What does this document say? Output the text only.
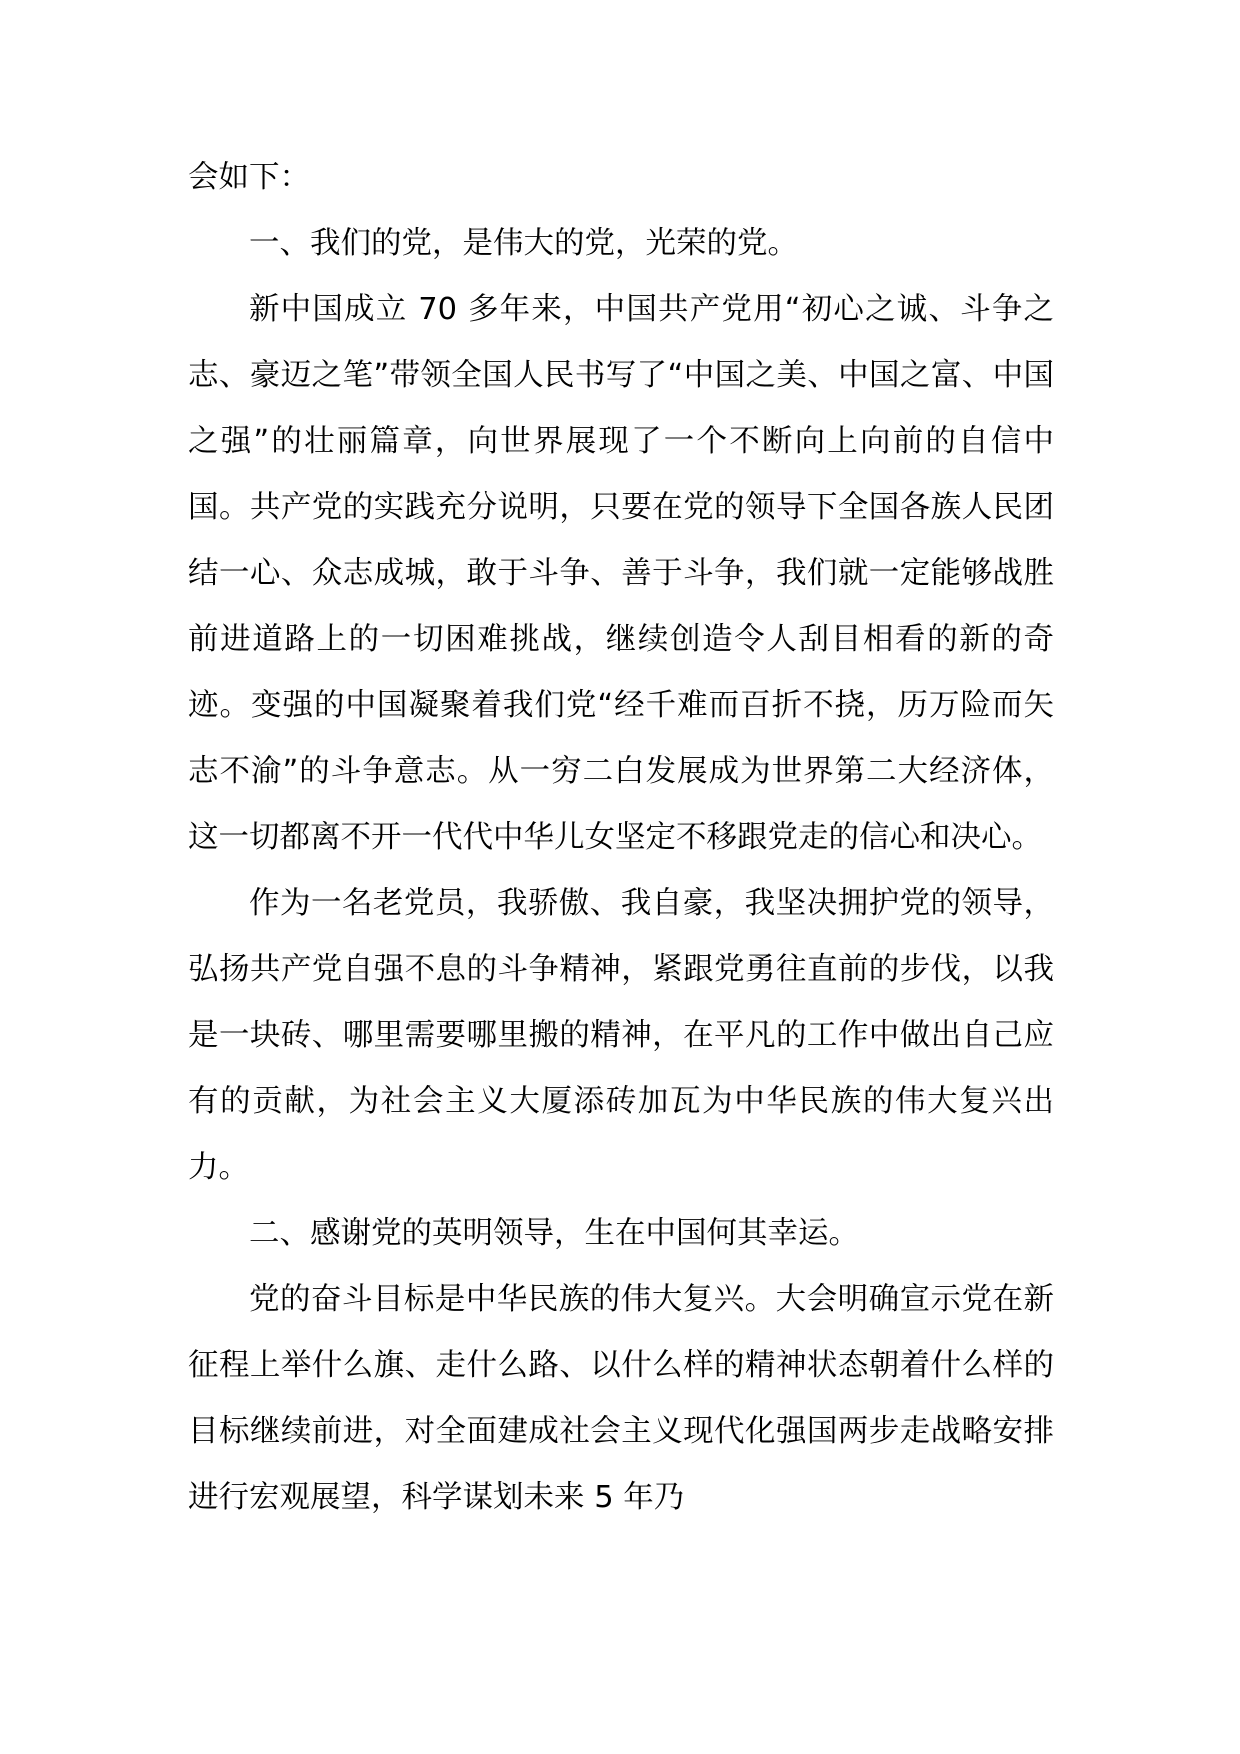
会如下：

一、我们的党，是伟大的党，光荣的党。

新中国成立 70 多年来，中国共产党用“初心之诚、斗争之志、豪迈之笔”带领全国人民书写了“中国之美、中国之富、中国之强”的壮丽篇章，向世界展现了一个不断向上向前的自信中国。共产党的实践充分说明，只要在党的领导下全国各族人民团结一心、众志成城，敢于斗争、善于斗争，我们就一定能够战胜前进道路上的一切困难挑战，继续创造令人刮目相看的新的奇迹。变强的中国凝聚着我们党“经千难而百折不挠，历万险而矢志不渝”的斗争意志。从一穷二白发展成为世界第二大经济体，这一切都离不开一代代中华儿女坚定不移跟党走的信心和决心。

作为一名老党员，我骄傲、我自豪，我坚决拥护党的领导，弘扬共产党自强不息的斗争精神，紧跟党勇往直前的步伐，以我是一块砖、哪里需要哪里搬的精神，在平凡的工作中做出自己应有的贡献，为社会主义大厦添砖加瓦为中华民族的伟大复兴出力。

二、感谢党的英明领导，生在中国何其幸运。

党的奋斗目标是中华民族的伟大复兴。大会明确宣示党在新征程上举什么旗、走什么路、以什么样的精神状态朝着什么样的目标继续前进，对全面建成社会主义现代化强国两步走战略安排进行宏观展望，科学谋划未来 5 年乃
